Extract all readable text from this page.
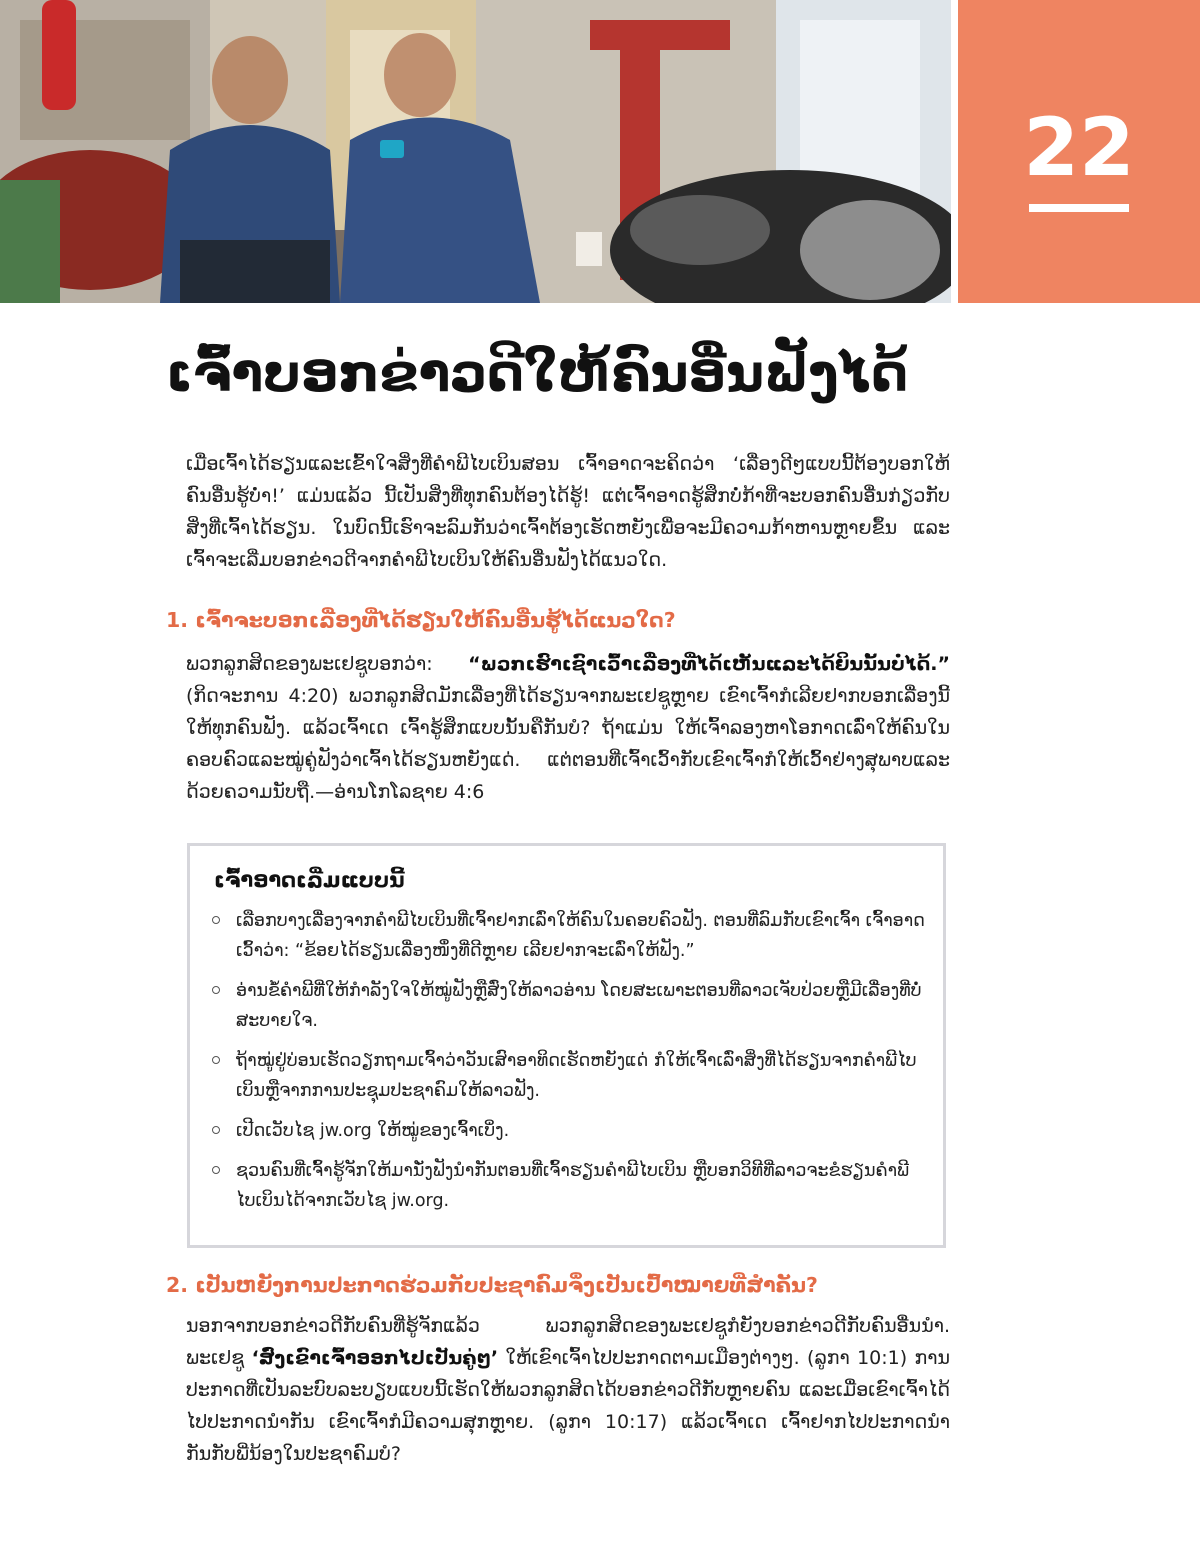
22
ເຈົ້າບອກຂ່າວດີໃຫ້ຄົນອື່ນຟັງໄດ້

ເມື່ອເຈົ້າໄດ້ຮຽນແລະເຂົ້າໃຈສິ່ງທີ່ຄຳພີໄບເບິນສອນ ເຈົ້າອາດຈະຄິດວ່າ ‘ເລື່ອງດີໆແບບນີ້ຕ້ອງບອກໃຫ້ຄົນອື່ນຮູ້ບໍ່າ!’ ແມ່ນແລ້ວ ນີ້ເປັນສິ່ງທີ່ທຸກຄົນຕ້ອງໄດ້ຮູ້! ແຕ່ເຈົ້າອາດຮູ້ສຶກບໍ່ກ້າທີ່ຈະບອກຄົນອື່ນກ່ຽວກັບສິ່ງທີ່ເຈົ້າໄດ້ຮຽນ. ໃນບົດນີ້ເຮົາຈະລົມກັນວ່າເຈົ້າຕ້ອງເຮັດຫຍັງເພື່ອຈະມີຄວາມກ້າຫານຫຼາຍຂຶ້ນ ແລະເຈົ້າຈະເລີ່ມບອກຂ່າວດີຈາກຄຳພີໄບເບິນໃຫ້ຄົນອື່ນຟັງໄດ້ແນວໃດ.

1. ເຈົ້າຈະບອກເລື່ອງທີ່ໄດ້ຮຽນໃຫ້ຄົນອື່ນຮູ້ໄດ້ແນວໃດ?

ພວກລູກສິດຂອງພະເຢຊູບອກວ່າ: “ພວກເຮົາເຊົາເວົ້າເລື່ອງທີ່ໄດ້ເຫັນແລະໄດ້ຍິນນັ້ນບໍ່ໄດ້.” (ກິດຈະການ 4:20) ພວກລູກສິດມັກເລື່ອງທີ່ໄດ້ຮຽນຈາກພະເຢຊູຫຼາຍ ເຂົາເຈົ້າກໍເລີຍຢາກບອກເລື່ອງນີ້ໃຫ້ທຸກຄົນຟັງ. ແລ້ວເຈົ້າເດ ເຈົ້າຮູ້ສຶກແບບນັ້ນຄືກັນບໍ? ຖ້າແມ່ນ ໃຫ້ເຈົ້າລອງຫາໂອກາດເລົ່າໃຫ້ຄົນໃນຄອບຄົວແລະໝູ່ຄູ່ຟັງວ່າເຈົ້າໄດ້ຮຽນຫຍັງແດ່. ແຕ່ຕອນທີ່ເຈົ້າເວົ້າກັບເຂົາເຈົ້າກໍໃຫ້ເວົ້າຢ່າງສຸພາບແລະດ້ວຍຄວາມນັບຖື.—ອ່ານໂກໂລຊາຍ 4:6

ເຈົ້າອາດເລີ່ມແບບນີ້
ເລືອກບາງເລື່ອງຈາກຄຳພີໄບເບິນທີ່ເຈົ້າຢາກເລົ່າໃຫ້ຄົນໃນຄອບຄົວຟັງ. ຕອນທີ່ລົມກັບເຂົາເຈົ້າ ເຈົ້າອາດເວົ້າວ່າ: “ຂ້ອຍໄດ້ຮຽນເລື່ອງໜຶ່ງທີ່ດີຫຼາຍ ເລີຍຢາກຈະເລົ່າໃຫ້ຟັງ.”
ອ່ານຂໍ້ຄຳພີທີ່ໃຫ້ກຳລັງໃຈໃຫ້ໝູ່ຟັງຫຼືສົ່ງໃຫ້ລາວອ່ານ ໂດຍສະເພາະຕອນທີ່ລາວເຈັບປ່ວຍຫຼືມີເລື່ອງທີ່ບໍ່ສະບາຍໃຈ.
ຖ້າໝູ່ຢູ່ບ່ອນເຮັດວຽກຖາມເຈົ້າວ່າວັນເສົາອາທິດເຮັດຫຍັງແດ່ ກໍໃຫ້ເຈົ້າເລົ່າສິ່ງທີ່ໄດ້ຮຽນຈາກຄຳພີໄບເບິນຫຼືຈາກການປະຊຸມປະຊາຄົມໃຫ້ລາວຟັງ.
ເປີດເວັບໄຊ jw.org ໃຫ້ໝູ່ຂອງເຈົ້າເບິ່ງ.
ຊວນຄົນທີ່ເຈົ້າຮູ້ຈັກໃຫ້ມານັ່ງຟັງນຳກັນຕອນທີ່ເຈົ້າຮຽນຄຳພີໄບເບິນ ຫຼືບອກວິທີທີ່ລາວຈະຂໍຮຽນຄຳພີໄບເບິນໄດ້ຈາກເວັບໄຊ jw.org.
2. ເປັນຫຍັງການປະກາດຮ່ວມກັບປະຊາຄົມຈຶ່ງເປັນເປົ້າໝາຍທີ່ສຳຄັນ?

ນອກຈາກບອກຂ່າວດີກັບຄົນທີ່ຮູ້ຈັກແລ້ວ ພວກລູກສິດຂອງພະເຢຊູກໍຍັງບອກຂ່າວດີກັບຄົນອື່ນນຳ. ພະເຢຊູ ‘ສົ່ງເຂົາເຈົ້າອອກໄປເປັນຄູ່ໆ’ ໃຫ້ເຂົາເຈົ້າໄປປະກາດຕາມເມືອງຕ່າງໆ. (ລູກາ 10:1) ການປະກາດທີ່ເປັນລະບົບລະບຽບແບບນີ້ເຮັດໃຫ້ພວກລູກສິດໄດ້ບອກຂ່າວດີກັບຫຼາຍຄົນ ແລະເມື່ອເຂົາເຈົ້າໄດ້ໄປປະກາດນຳກັນ ເຂົາເຈົ້າກໍມີຄວາມສຸກຫຼາຍ. (ລູກາ 10:17) ແລ້ວເຈົ້າເດ ເຈົ້າຢາກໄປປະກາດນຳກັນກັບພີ່ນ້ອງໃນປະຊາຄົມບໍ?
